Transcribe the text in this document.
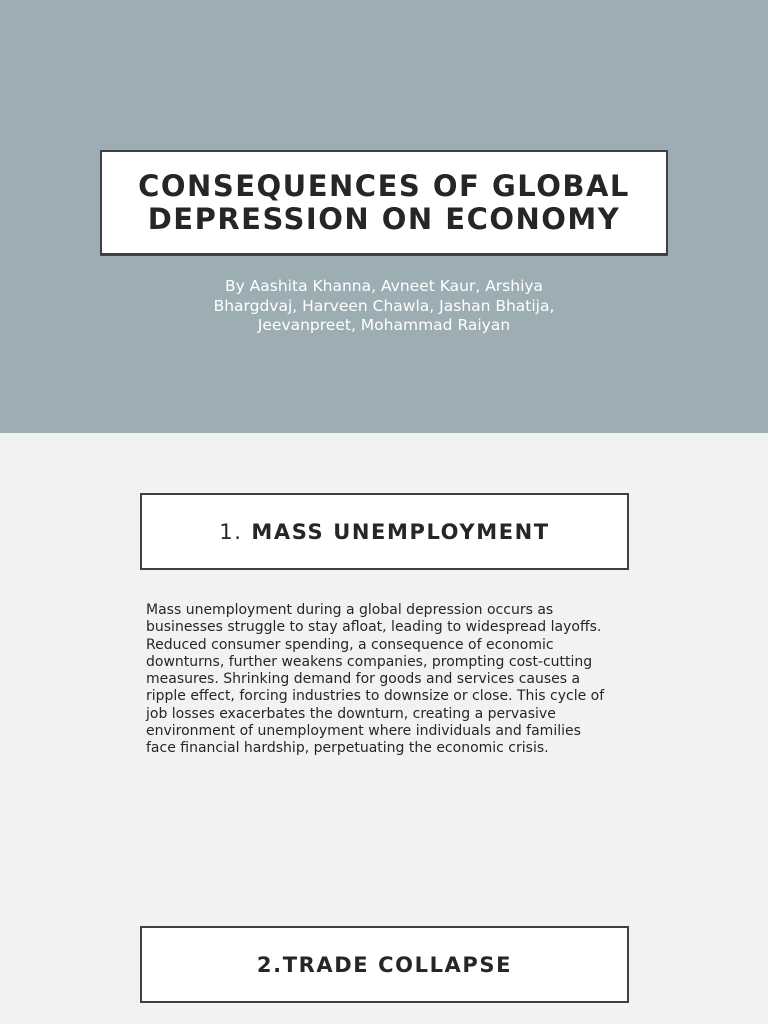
CONSEQUENCES OF GLOBAL
DEPRESSION ON ECONOMY

By Aashita Khanna, Avneet Kaur, Arshiya
Bhargdvaj, Harveen Chawla, Jashan Bhatija,
Jeevanpreet, Mohammad Raiyan

1. MASS UNEMPLOYMENT

Mass unemployment during a global depression occurs as
businesses struggle to stay afloat, leading to widespread layoffs.
Reduced consumer spending, a consequence of economic
downturns, further weakens companies, prompting cost-cutting
measures. Shrinking demand for goods and services causes a
ripple effect, forcing industries to downsize or close. This cycle of
job losses exacerbates the downturn, creating a pervasive
environment of unemployment where individuals and families
face financial hardship, perpetuating the economic crisis.

2.TRADE COLLAPSE
